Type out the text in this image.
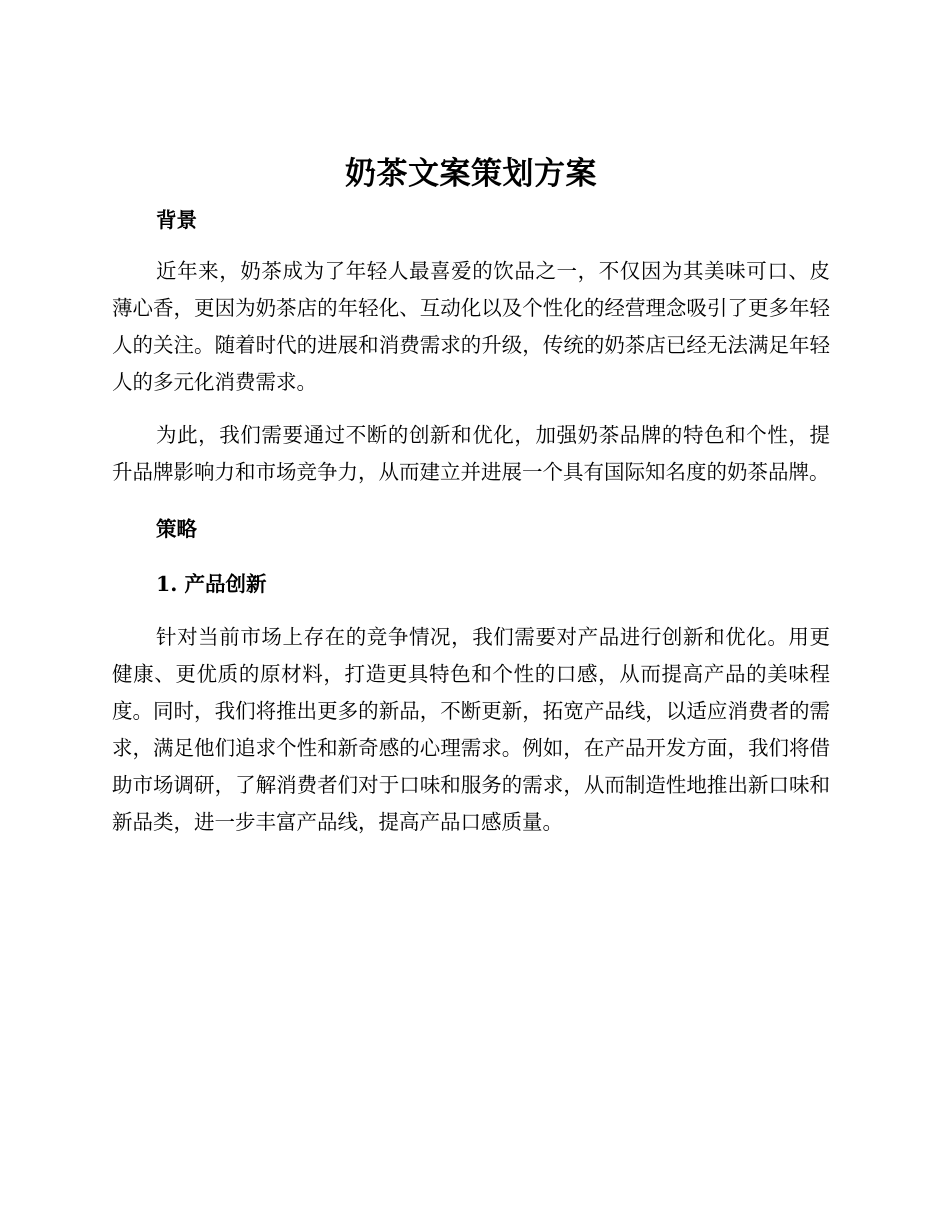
奶茶文案策划方案
背景

近年来，奶茶成为了年轻人最喜爱的饮品之一，不仅因为其美味可口、皮薄心香，更因为奶茶店的年轻化、互动化以及个性化的经营理念吸引了更多年轻人的关注。随着时代的进展和消费需求的升级，传统的奶茶店已经无法满足年轻人的多元化消费需求。

为此，我们需要通过不断的创新和优化，加强奶茶品牌的特色和个性，提升品牌影响力和市场竞争力，从而建立并进展一个具有国际知名度的奶茶品牌。

策略
1. 产品创新

针对当前市场上存在的竞争情况，我们需要对产品进行创新和优化。用更健康、更优质的原材料，打造更具特色和个性的口感，从而提高产品的美味程度。同时，我们将推出更多的新品，不断更新，拓宽产品线，以适应消费者的需求，满足他们追求个性和新奇感的心理需求。例如，在产品开发方面，我们将借助市场调研，了解消费者们对于口味和服务的需求，从而制造性地推出新口味和新品类，进一步丰富产品线，提高产品口感质量。
